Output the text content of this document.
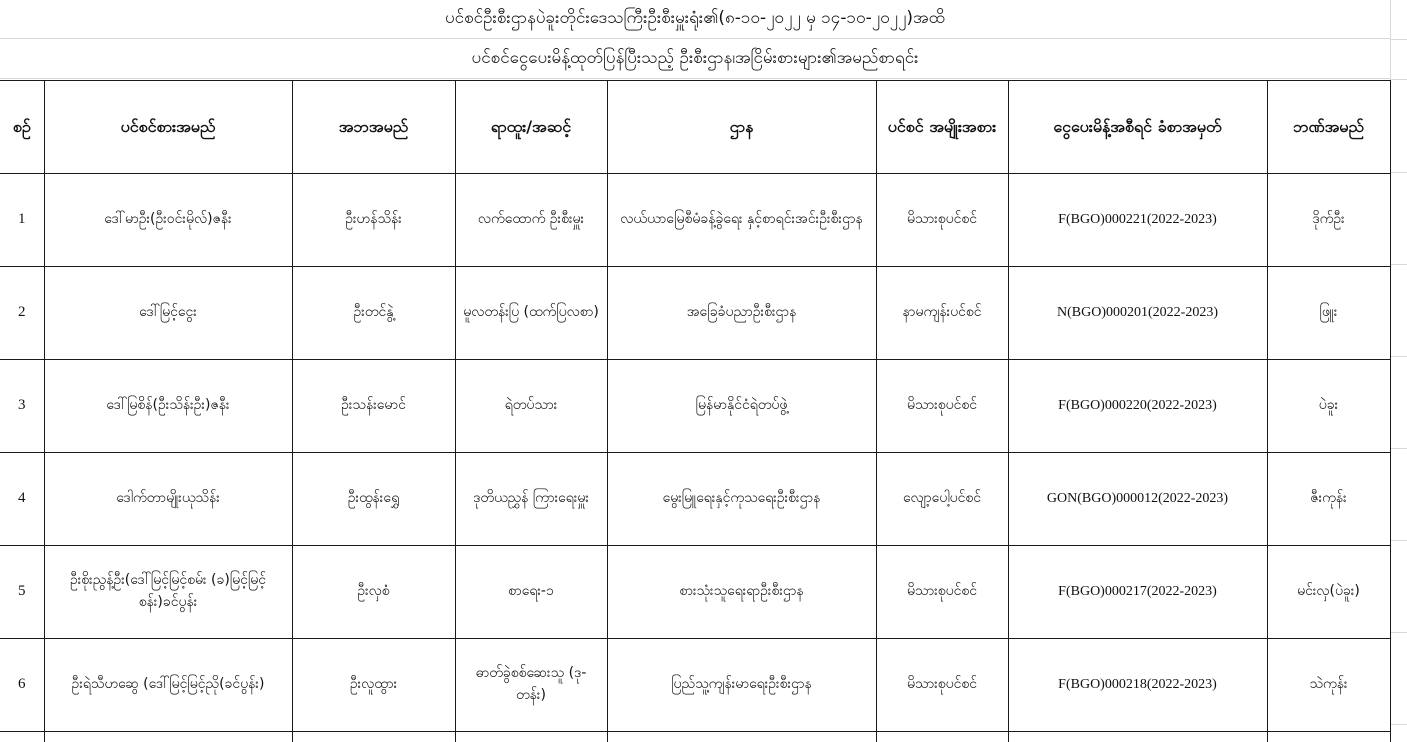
ပင်စင်ဦးစီးဌာနပဲခူးတိုင်းဒေသကြီးဦးစီးမှူးရုံး၏(၈-၁၀-၂၀၂၂ မှ ၁၄-၁၀-၂၀၂၂)အထိ
ပင်စင်ငွေပေးမိန့်ထုတ်ပြန်ပြီးသည့် ဦးစီးဌာန၊အငြိမ်းစားများ၏အမည်စာရင်း
စဉ်	ပင်စင်စားအမည်	အဘအမည်	ရာထူး/အဆင့်	ဌာန	ပင်စင် အမျိုးအစား	ငွေပေးမိန့်အစီရင် ခံစာအမှတ်	ဘဏ်အမည်
1	ဒေါ်မာဦး(ဦးဝင်းမိုလ်)ဇနီး	ဦးဟန်သိန်း	လက်ထောက် ဦးစီးမှူး	လယ်ယာမြေစီမံခန့်ခွဲရေး နှင့်စာရင်းအင်းဦးစီးဌာန	မိသားစုပင်စင်	F(BGO)000221(2022-2023)	ဒိုက်ဦး
2	ဒေါ်မြင့်ငွေး	ဦးတင်နွဲ့	မူလတန်းပြ (ထက်ပြလစာ)	အခြေခံပညာဦးစီးဌာန	နာမကျန်းပင်စင်	N(BGO)000201(2022-2023)	ဖြူး
3	ဒေါ်မြစိန်(ဦးသိန်းဦး)ဇနီး	ဦးသန်းမောင်	ရဲတပ်သား	မြန်မာနိုင်ငံရဲတပ်ဖွဲ့	မိသားစုပင်စင်	F(BGO)000220(2022-2023)	ပဲခူး
4	ဒေါက်တာမျိုးယုသိန်း	ဦးထွန်းရွှေ	ဒုတိယညွှန် ကြားရေးမှူး	မွေးမြူရေးနှင့်ကုသရေးဦးစီးဌာန	လျော့ပေါ့ပင်စင်	GON(BGO)000012(2022-2023)	ဇီးကုန်း
5	ဦးစိုးညွန့်ဦး(ဒေါ်မြင့်မြင့်စမ်း (ခ)မြင့်မြင့်စန်း)ခင်ပွန်း	ဦးလှစံ	စာရေး-၁	စားသုံးသူရေးရာဦးစီးဌာန	မိသားစုပင်စင်	F(BGO)000217(2022-2023)	မင်းလှ(ပဲခူး)
6	ဦးရဲသီဟဆွေ (ဒေါ်မြင့်မြင့်ညို(ခင်ပွန်း)	ဦးလူထွား	ဓာတ်ခွဲစစ်ဆေးသူ (ဒု-တန်း)	ပြည်သူ့ကျန်းမာရေးဦးစီးဌာန	မိသားစုပင်စင်	F(BGO)000218(2022-2023)	သဲကုန်း
